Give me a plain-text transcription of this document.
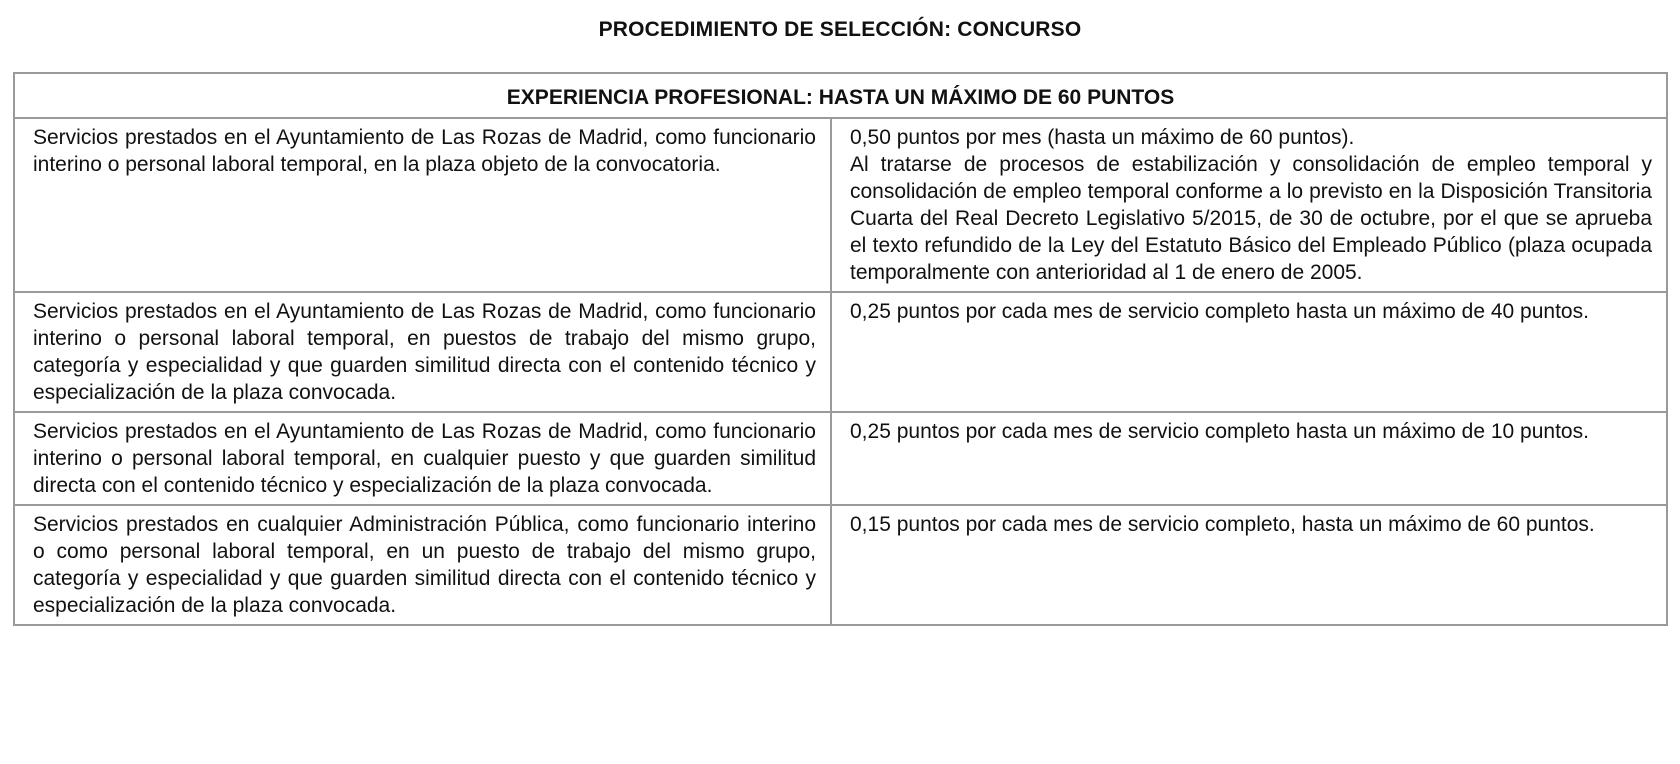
PROCEDIMIENTO DE SELECCIÓN: CONCURSO
EXPERIENCIA PROFESIONAL: HASTA UN MÁXIMO DE 60 PUNTOS	
Servicios prestados en el Ayuntamiento de Las Rozas de Madrid, como funcionario interino o personal laboral temporal, en la plaza objeto de la convocatoria.	0,50 puntos por mes (hasta un máximo de 60 puntos).
Al tratarse de procesos de estabilización y consolidación de empleo temporal y consolidación de empleo temporal conforme a lo previsto en la Disposición Transitoria Cuarta del Real Decreto Legislativo 5/2015, de 30 de octubre, por el que se aprueba el texto refundido de la Ley del Estatuto Básico del Empleado Público (plaza ocupada temporalmente con anterioridad al 1 de enero de 2005.

Servicios prestados en el Ayuntamiento de Las Rozas de Madrid, como funcionario interino o personal laboral temporal, en puestos de trabajo del mismo grupo, categoría y especialidad y que guarden similitud directa con el contenido técnico y especialización de la plaza convocada.	0,25 puntos por cada mes de servicio completo hasta un máximo de 40 puntos.
Servicios prestados en el Ayuntamiento de Las Rozas de Madrid, como funcionario interino o personal laboral temporal, en cualquier puesto y que guarden similitud directa con el contenido técnico y especialización de la plaza convocada.	0,25 puntos por cada mes de servicio completo hasta un máximo de 10 puntos.
Servicios prestados en cualquier Administración Pública, como funcionario interino o como personal laboral temporal, en un puesto de trabajo del mismo grupo, categoría y especialidad y que guarden similitud directa con el contenido técnico y especialización de la plaza convocada.	0,15 puntos por cada mes de servicio completo, hasta un máximo de 60 puntos.
